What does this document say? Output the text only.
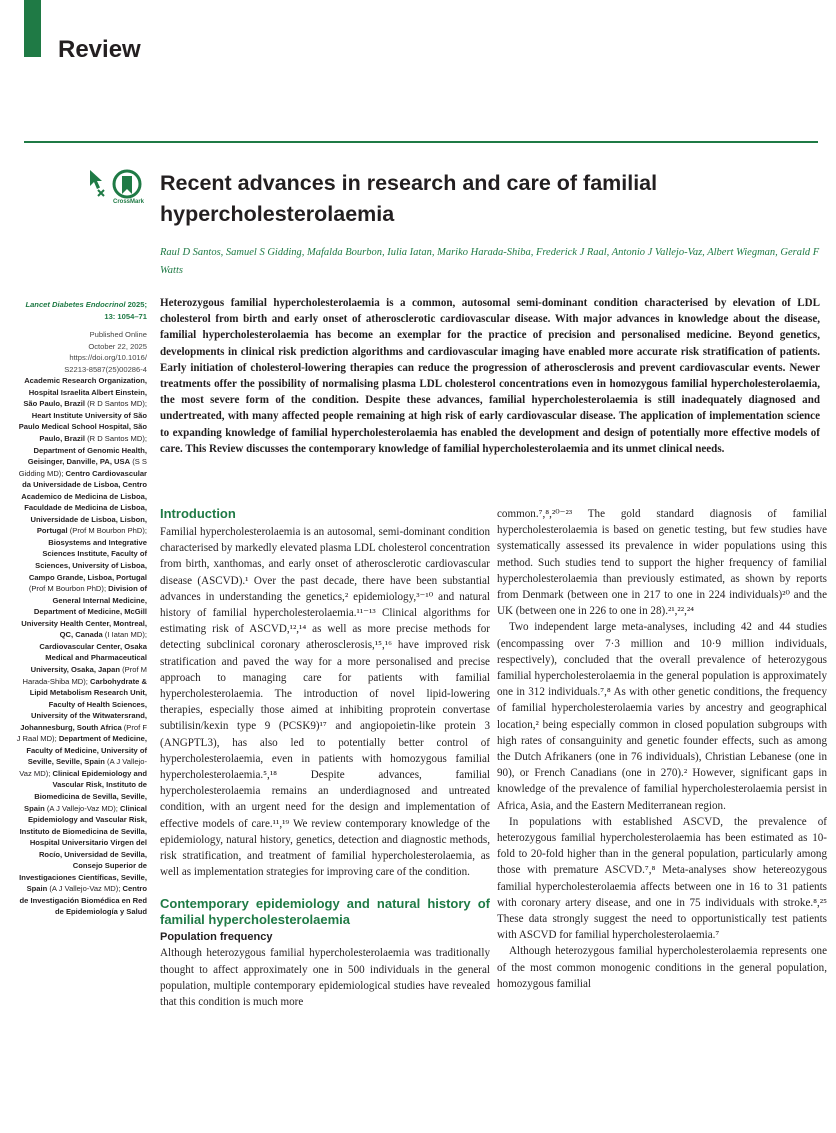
Review
CrossMark
Recent advances in research and care of familial hypercholesterolaemia

Raul D Santos, Samuel S Gidding, Mafalda Bourbon, Iulia Iatan, Mariko Harada-Shiba, Frederick J Raal, Antonio J Vallejo-Vaz, Albert Wiegman, Gerald F Watts

Lancet Diabetes Endocrinol 2025;
13: 1054–71
Published Online
October 22, 2025
https://doi.org/10.1016/
S2213-8587(25)00286-4
Academic Research Organization, Hospital Israelita Albert Einstein, São Paulo, Brazil (R D Santos MD); Heart Institute University of São Paulo Medical School Hospital, São Paulo, Brazil (R D Santos MD); Department of Genomic Health, Geisinger, Danville, PA, USA (S S Gidding MD); Centro Cardiovascular da Universidade de Lisboa, Centro Academico de Medicina de Lisboa, Faculdade de Medicina de Lisboa, Universidade de Lisboa, Lisbon, Portugal (Prof M Bourbon PhD); Biosystems and Integrative Sciences Institute, Faculty of Sciences, University of Lisboa, Campo Grande, Lisboa, Portugal (Prof M Bourbon PhD); Division of General Internal Medicine, Department of Medicine, McGill University Health Center, Montreal, QC, Canada (I Iatan MD); Cardiovascular Center, Osaka Medical and Pharmaceutical University, Osaka, Japan (Prof M Harada-Shiba MD); Carbohydrate & Lipid Metabolism Research Unit, Faculty of Health Sciences, University of the Witwatersrand, Johannesburg, South Africa (Prof F J Raal MD); Department of Medicine, Faculty of Medicine, University of Seville, Seville, Spain (A J Vallejo-Vaz MD); Clinical Epidemiology and Vascular Risk, Instituto de Biomedicina de Sevilla, Seville, Spain (A J Vallejo-Vaz MD); Clinical Epidemiology and Vascular Risk, Instituto de Biomedicina de Sevilla, Hospital Universitario Virgen del Rocío, Universidad de Sevilla, Consejo Superior de Investigaciones Científicas, Seville, Spain (A J Vallejo-Vaz MD); Centro de Investigación Biomédica en Red de Epidemiología y Salud

Heterozygous familial hypercholesterolaemia is a common, autosomal semi-dominant condition characterised by elevation of LDL cholesterol from birth and early onset of atherosclerotic cardiovascular disease. With major advances in knowledge about the disease, familial hypercholesterolaemia has become an exemplar for the practice of precision and personalised medicine. Beyond genetics, developments in clinical risk prediction algorithms and cardiovascular imaging have enabled more accurate risk stratification of patients. Early initiation of cholesterol-lowering therapies can reduce the progression of atherosclerosis and prevent cardiovascular events. Newer treatments offer the possibility of normalising plasma LDL cholesterol concentrations even in homozygous familial hypercholesterolaemia, the most severe form of the condition. Despite these advances, familial hypercholesterolaemia is still inadequately diagnosed and undertreated, with many affected people remaining at high risk of early cardiovascular disease. The application of implementation science to expanding knowledge of familial hypercholesterolaemia has enabled the development and design of potentially more effective models of care. This Review discusses the contemporary knowledge of familial hypercholesterolaemia and its unmet clinical needs.

Introduction

Familial hypercholesterolaemia is an autosomal, semi-dominant condition characterised by markedly elevated plasma LDL cholesterol concentration from birth, xanthomas, and early onset of atherosclerotic cardiovascular disease (ASCVD).¹ Over the past decade, there have been substantial advances in understanding the genetics,² epidemiology,³⁻¹⁰ and natural history of familial hypercholesterolaemia.¹¹⁻¹³ Clinical algorithms for estimating risk of ASCVD,¹²,¹⁴ as well as more precise methods for detecting subclinical coronary atherosclerosis,¹⁵,¹⁶ have improved risk stratification and paved the way for a more personalised and precise approach to managing care for patients with familial hypercholesterolaemia. The introduction of novel lipid-lowering therapies, especially those aimed at inhibiting proprotein convertase subtilisin/kexin type 9 (PCSK9)¹⁷ and angiopoietin-like protein 3 (ANGPTL3), has also led to potentially better control of hypercholesterolaemia, even in patients with homozygous familial hypercholesterolaemia.⁵,¹⁸ Despite advances, familial hypercholesterolaemia remains an underdiagnosed and untreated condition, with an urgent need for the design and implementation of effective models of care.¹¹,¹⁹ We review contemporary knowledge of the epidemiology, natural history, genetics, detection and diagnostic methods, risk stratification, and treatment of familial hypercholesterolaemia, as well as implementation strategies for improving care of the condition.

Contemporary epidemiology and natural history of familial hypercholesterolaemia
Population frequency

Although heterozygous familial hypercholesterolaemia was traditionally thought to affect approximately one in 500 individuals in the general population, multiple contemporary epidemiological studies have revealed that this condition is much more

common.⁷,⁸,²⁰⁻²³ The gold standard diagnosis of familial hypercholesterolaemia is based on genetic testing, but few studies have systematically assessed its prevalence in wider populations using this method. Such studies tend to support the higher frequency of familial hypercholesterolaemia than previously estimated, as shown by reports from Denmark (between one in 217 to one in 224 individuals)²⁰ and the UK (between one in 226 to one in 28).²¹,²²,²⁴

Two independent large meta-analyses, including 42 and 44 studies (encompassing over 7·3 million and 10·9 million individuals, respectively), concluded that the overall prevalence of heterozygous familial hypercholesterolaemia in the general population is approximately one in 312 individuals.⁷,⁸ As with other genetic conditions, the frequency of familial hypercholesterolaemia varies by ancestry and geographical location,² being especially common in closed population subgroups with high rates of consanguinity and genetic founder effects, such as among the Dutch Afrikaners (one in 76 individuals), Christian Lebanese (one in 90), or French Canadians (one in 270).² However, significant gaps in knowledge of the prevalence of familial hypercholesterolaemia persist in Africa, Asia, and the Eastern Mediterranean region.

In populations with established ASCVD, the prevalence of heterozygous familial hypercholesterolaemia has been estimated as 10-fold to 20-fold higher than in the general population, particularly among those with premature ASCVD.⁷,⁸ Meta-analyses show hetereozygous familial hypercholesterolaemia affects between one in 16 to 31 patients with coronary artery disease, and one in 75 individuals with stroke.⁸,²⁵ These data strongly suggest the need to opportunistically test patients with ASCVD for familial hypercholesterolaemia.⁷

Although heterozygous familial hypercholesterolaemia represents one of the most common monogenic conditions in the general population, homozygous familial
